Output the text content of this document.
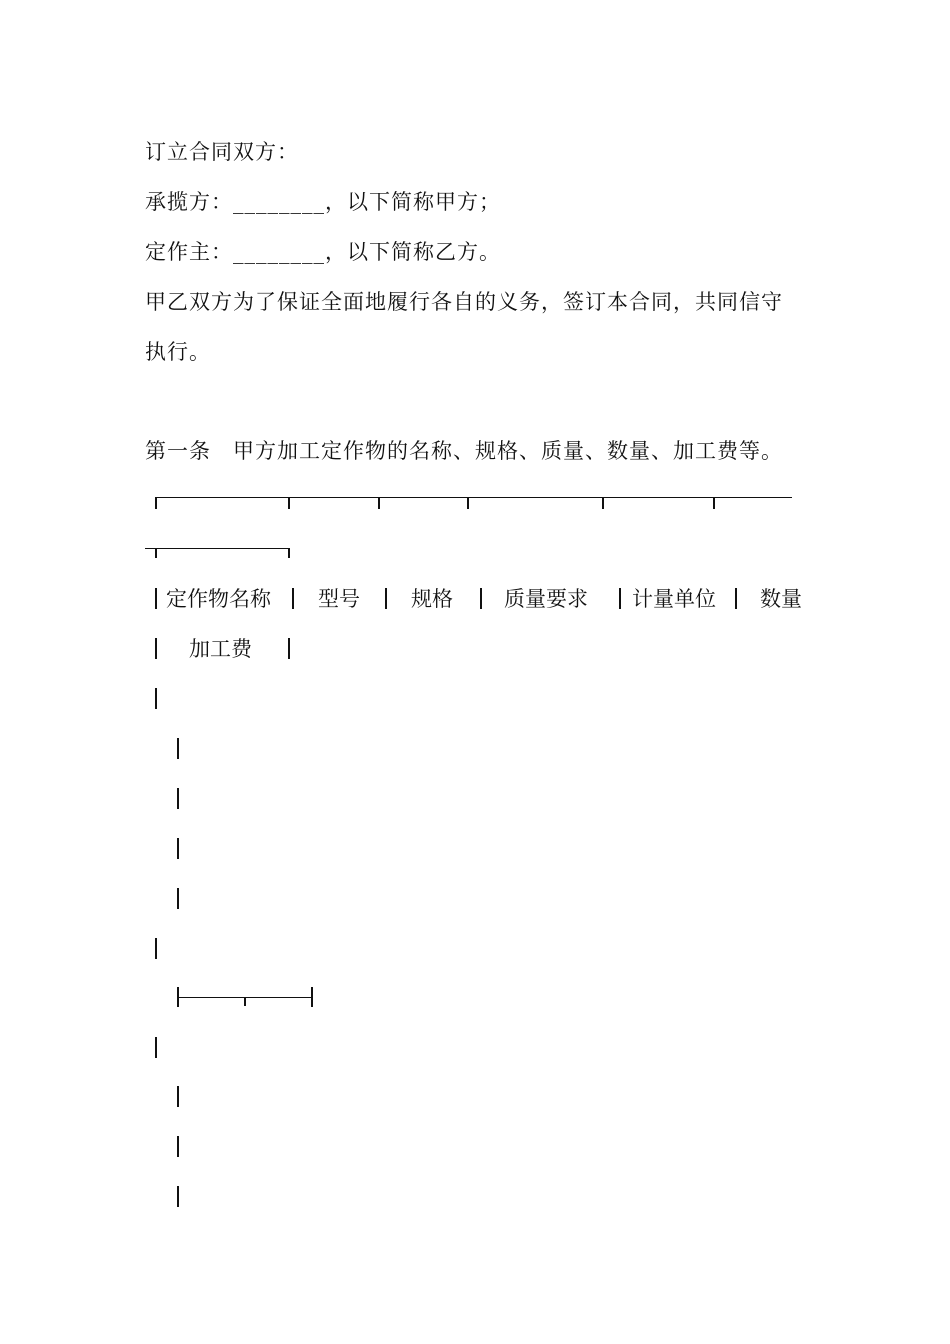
订立合同双方：
承揽方：________，以下简称甲方；
定作主：________，以下简称乙方。
甲乙双方为了保证全面地履行各自的义务，签订本合同，共同信守
执行。
第一条　甲方加工定作物的名称、规格、质量、数量、加工费等。
定作物名称 型号 规格 质量要求 计量单位 数量
加工费
